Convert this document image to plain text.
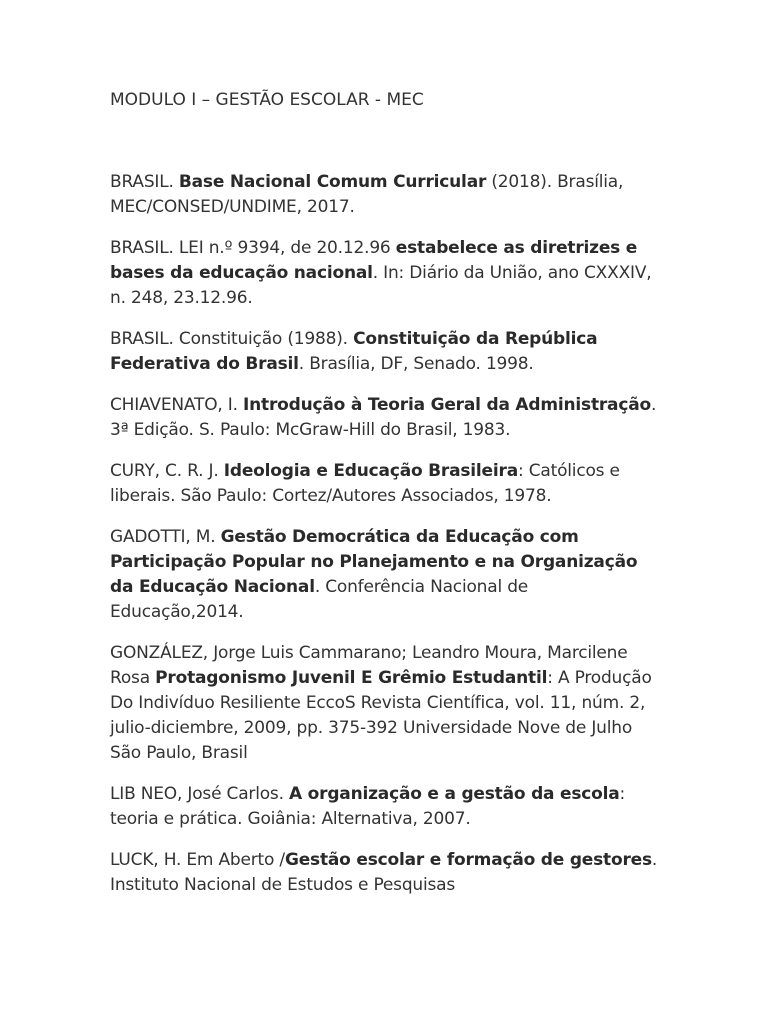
MODULO I – GESTÃO ESCOLAR - MEC

BRASIL. Base Nacional Comum Curricular (2018). Brasília, MEC/CONSED/UNDIME, 2017.

BRASIL. LEI n.º 9394, de 20.12.96 estabelece as diretrizes e bases da educação nacional. In: Diário da União, ano CXXXIV, n. 248, 23.12.96.

BRASIL. Constituição (1988). Constituição da República Federativa do Brasil. Brasília, DF, Senado. 1998.

CHIAVENATO, I. Introdução à Teoria Geral da Administração. 3ª Edição. S. Paulo: McGraw-Hill do Brasil, 1983.

CURY, C. R. J. Ideologia e Educação Brasileira: Católicos e liberais. São Paulo: Cortez/Autores Associados, 1978.

GADOTTI, M. Gestão Democrática da Educação com Participação Popular no Planejamento e na Organização da Educação Nacional. Conferência Nacional de Educação,2014.

GONZÁLEZ, Jorge Luis Cammarano; Leandro Moura, Marcilene Rosa Protagonismo Juvenil E Grêmio Estudantil: A Produção Do Indivíduo Resiliente EccoS Revista Científica, vol. 11, núm. 2, julio-diciembre, 2009, pp. 375-392 Universidade Nove de Julho São Paulo, Brasil

LIB NEO, José Carlos. A organização e a gestão da escola: teoria e prática. Goiânia: Alternativa, 2007.

LUCK, H. Em Aberto /Gestão escolar e formação de gestores. Instituto Nacional de Estudos e Pesquisas
